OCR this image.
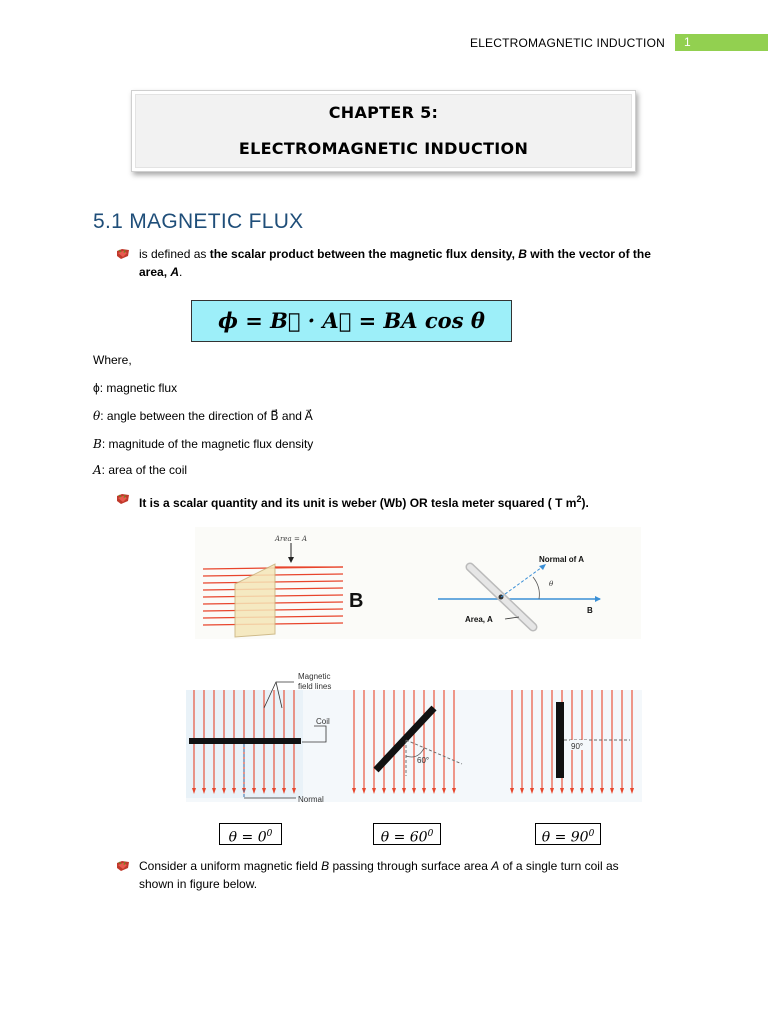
ELECTROMAGNETIC INDUCTION	1
CHAPTER 5:
ELECTROMAGNETIC INDUCTION
5.1 MAGNETIC FLUX
is defined as the scalar product between the magnetic flux density, B with the vector of the
area, A.
ϕ = B⃗ · A⃗ = BA cos θ
Where,
ϕ: magnetic flux
θ: angle between the direction of B⃗ and A⃗
B: magnitude of the magnetic flux density
A: area of the coil
It is a scalar quantity and its unit is weber (Wb) OR tesla meter squared ( T $m^2$).
Area = A
B	B
θ
Normal of A
Area, A
Normal
Magnetic
field lines
Coil
60°
90°
$\theta = 0^0$	$\theta = 60^0$	$\theta = 90^0$
Consider a uniform magnetic field B passing through surface area A of a single turn coil as
shown in figure below.
